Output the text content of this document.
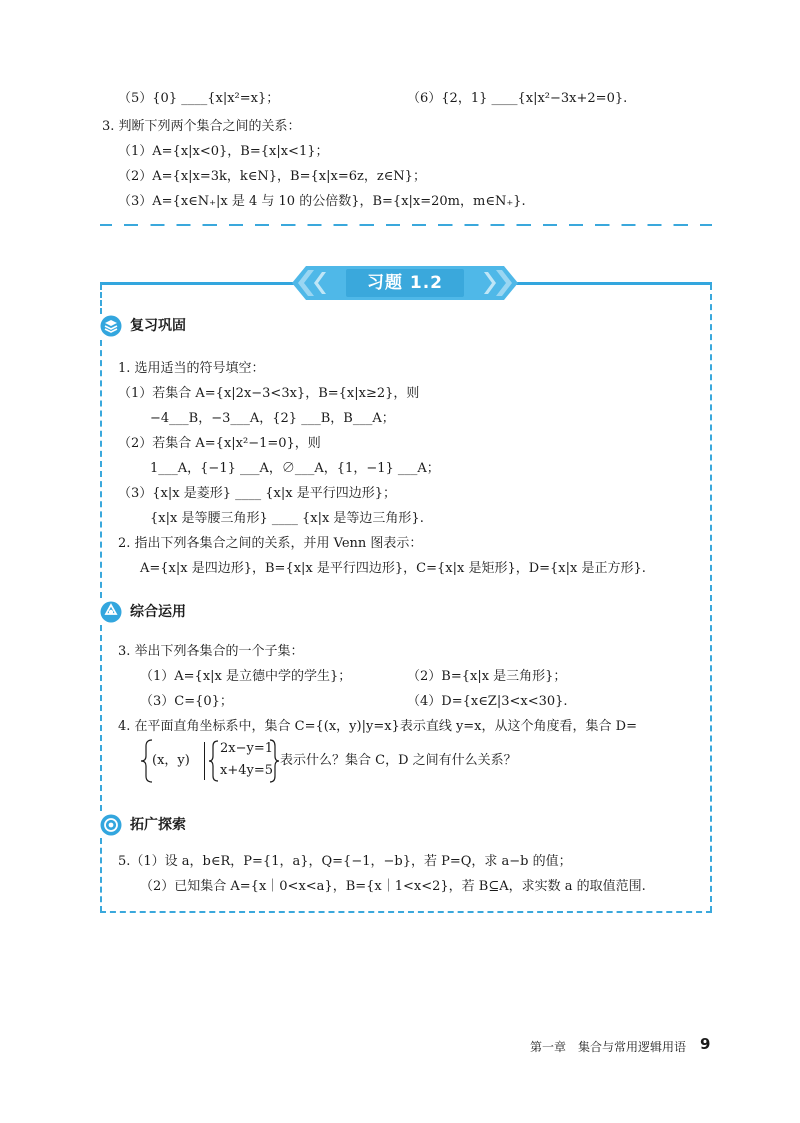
（5）{0} ____{x|x²=x}；	（6）{2，1} ____{x|x²−3x+2=0}.
3. 判断下列两个集合之间的关系：
（1）A={x|x<0}，B={x|x<1}；
（2）A={x|x=3k，k∈N}，B={x|x=6z，z∈N}；
（3）A={x∈N₊|x 是 4 与 10 的公倍数}，B={x|x=20m，m∈N₊}.
习题 1.2
复习巩固
1. 选用适当的符号填空：
（1）若集合 A={x|2x−3<3x}，B={x|x≥2}，则
−4___B，−3___A，{2} ___B，B___A；
（2）若集合 A={x|x²−1=0}，则
1___A，{−1} ___A，∅___A，{1，−1} ___A；
（3）{x|x 是菱形} ____ {x|x 是平行四边形}；
{x|x 是等腰三角形} ____ {x|x 是等边三角形}.
2. 指出下列各集合之间的关系，并用 Venn 图表示：
A={x|x 是四边形}，B={x|x 是平行四边形}，C={x|x 是矩形}，D={x|x 是正方形}.
综合运用
3. 举出下列各集合的一个子集：
（1）A={x|x 是立德中学的学生}；	（2）B={x|x 是三角形}；
（3）C={0}；	（4）D={x∈Z|3<x<30}.
4. 在平面直角坐标系中，集合 C={(x，y)|y=x}表示直线 y=x，从这个角度看，集合 D=
(x，y)
2x−y=1
x+4y=5
表示什么？集合 C，D 之间有什么关系？
拓广探索
5.（1）设 a，b∈R，P={1，a}，Q={−1，−b}，若 P=Q，求 a−b 的值；
（2）已知集合 A={x｜0<x<a}，B={x｜1<x<2}，若 B⊆A，求实数 a 的取值范围.
第一章　集合与常用逻辑用语 9
